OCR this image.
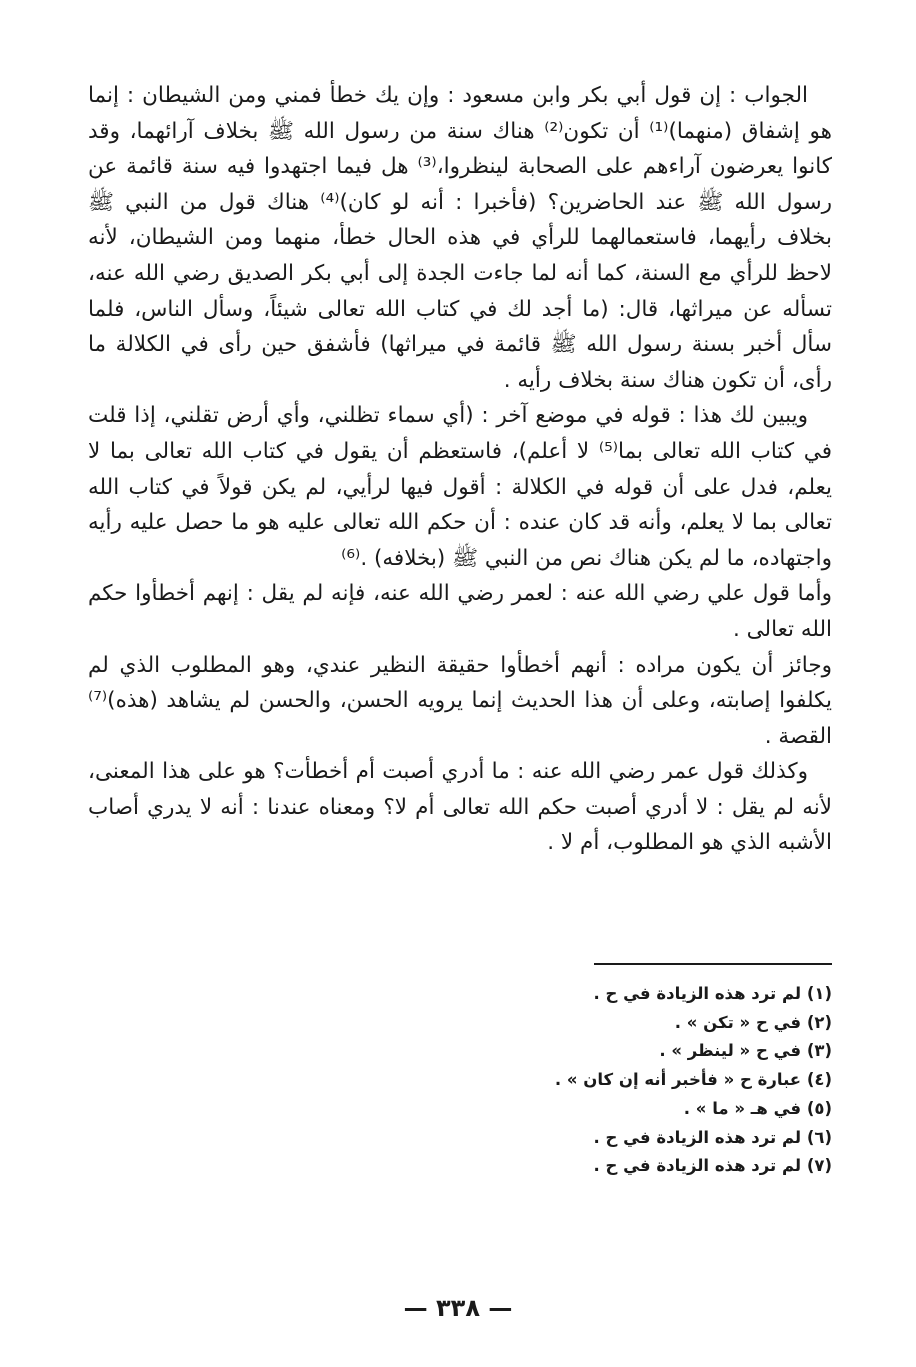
الجواب : إن قول أبي بكر وابن مسعود : وإن يك خطأ فمني ومن الشيطان : إنما هو إشفاق (منهما)⁽¹⁾ أن تكون⁽²⁾ هناك سنة من رسول الله ﷺ بخلاف آرائهما، وقد كانوا يعرضون آراءهم على الصحابة لينظروا،⁽³⁾ هل فيما اجتهدوا فيه سنة قائمة عن رسول الله ﷺ عند الحاضرين؟ (فأخبرا : أنه لو كان)⁽⁴⁾ هناك قول من النبي ﷺ بخلاف رأيهما، فاستعمالهما للرأي في هذه الحال خطأ، منهما ومن الشيطان، لأنه لاحظ للرأي مع السنة، كما أنه لما جاءت الجدة إلى أبي بكر الصديق رضي الله عنه، تسأله عن ميراثها، قال: (ما أجد لك في كتاب الله تعالى شيئاً، وسأل الناس، فلما سأل أخبر بسنة رسول الله ﷺ قائمة في ميراثها) فأشفق حين رأى في الكلالة ما رأى، أن تكون هناك سنة بخلاف رأيه .

ويبين لك هذا : قوله في موضع آخر : (أي سماء تظلني، وأي أرض تقلني، إذا قلت في كتاب الله تعالى بما⁽⁵⁾ لا أعلم)، فاستعظم أن يقول في كتاب الله تعالى بما لا يعلم، فدل على أن قوله في الكلالة : أقول فيها لرأيي، لم يكن قولاً في كتاب الله تعالى بما لا يعلم، وأنه قد كان عنده : أن حكم الله تعالى عليه هو ما حصل عليه رأيه واجتهاده، ما لم يكن هناك نص من النبي ﷺ (بخلافه) .⁽⁶⁾

وأما قول علي رضي الله عنه : لعمر رضي الله عنه، فإنه لم يقل : إنهم أخطأوا حكم الله تعالى .

وجائز أن يكون مراده : أنهم أخطأوا حقيقة النظير عندي، وهو المطلوب الذي لم يكلفوا إصابته، وعلى أن هذا الحديث إنما يرويه الحسن، والحسن لم يشاهد (هذه)⁽⁷⁾ القصة .

وكذلك قول عمر رضي الله عنه : ما أدري أصبت أم أخطأت؟ هو على هذا المعنى، لأنه لم يقل : لا أدري أصبت حكم الله تعالى أم لا؟ ومعناه عندنا : أنه لا يدري أصاب الأشبه الذي هو المطلوب، أم لا .

(١) لم ترد هذه الزيادة في ح .
(٢) في ح « تكن » .
(٣) في ح « لينظر » .
(٤) عبارة ح « فأخبر أنه إن كان » .
(٥) في هـ « ما » .
(٦) لم ترد هذه الزيادة في ح .
(٧) لم ترد هذه الزيادة في ح .
— ٣٣٨ —
